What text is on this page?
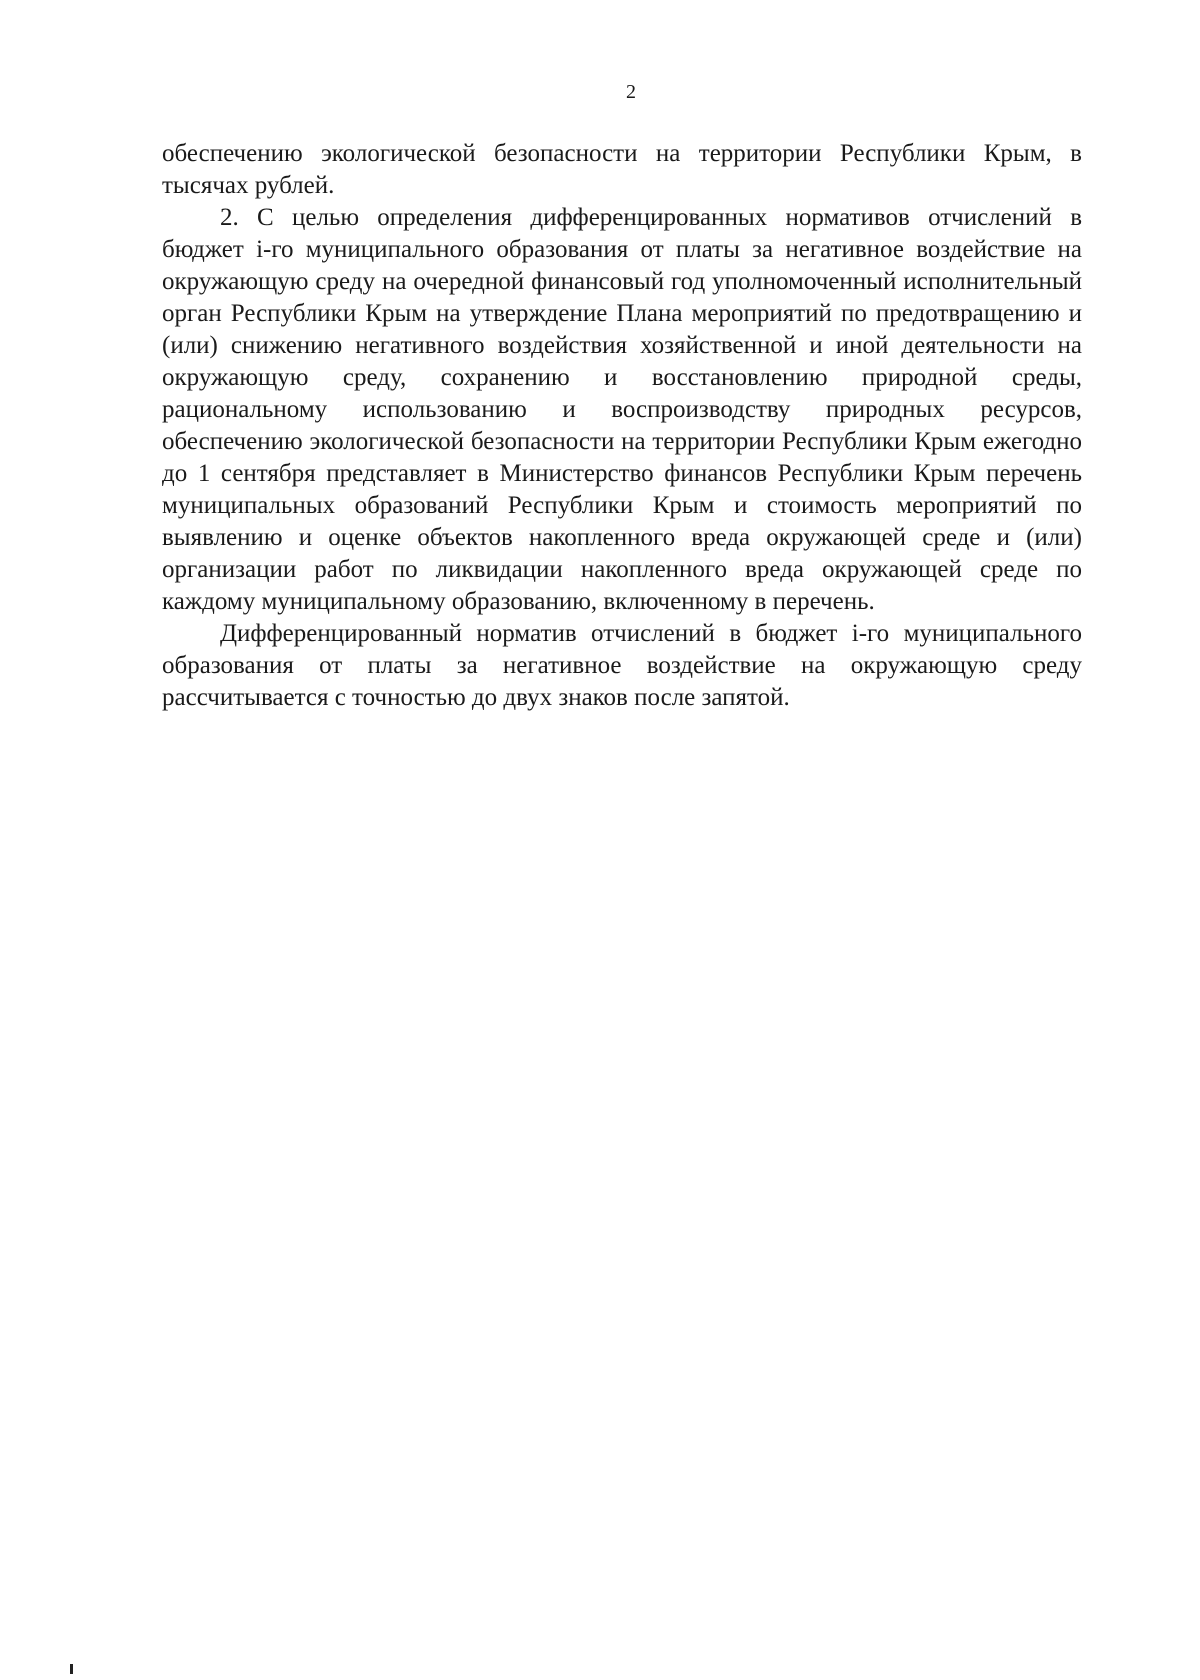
2

обеспечению экологической безопасности на территории Республики Крым, в тысячах рублей.

2. С целью определения дифференцированных нормативов отчислений в бюджет і-го муниципального образования от платы за негативное воздействие на окружающую среду на очередной финансовый год уполномоченный исполнительный орган Республики Крым на утверждение Плана мероприятий по предотвращению и (или) снижению негативного воздействия хозяйственной и иной деятельности на окружающую среду, сохранению и восстановлению природной среды, рациональному использованию и воспроизводству природных ресурсов, обеспечению экологической безопасности на территории Республики Крым ежегодно до 1 сентября представляет в Министерство финансов Республики Крым перечень муниципальных образований Республики Крым и стоимость мероприятий по выявлению и оценке объектов накопленного вреда окружающей среде и (или) организации работ по ликвидации накопленного вреда окружающей среде по каждому муниципальному образованию, включенному в перечень.

Дифференцированный норматив отчислений в бюджет і-го муниципального образования от платы за негативное воздействие на окружающую среду рассчитывается с точностью до двух знаков после запятой.
